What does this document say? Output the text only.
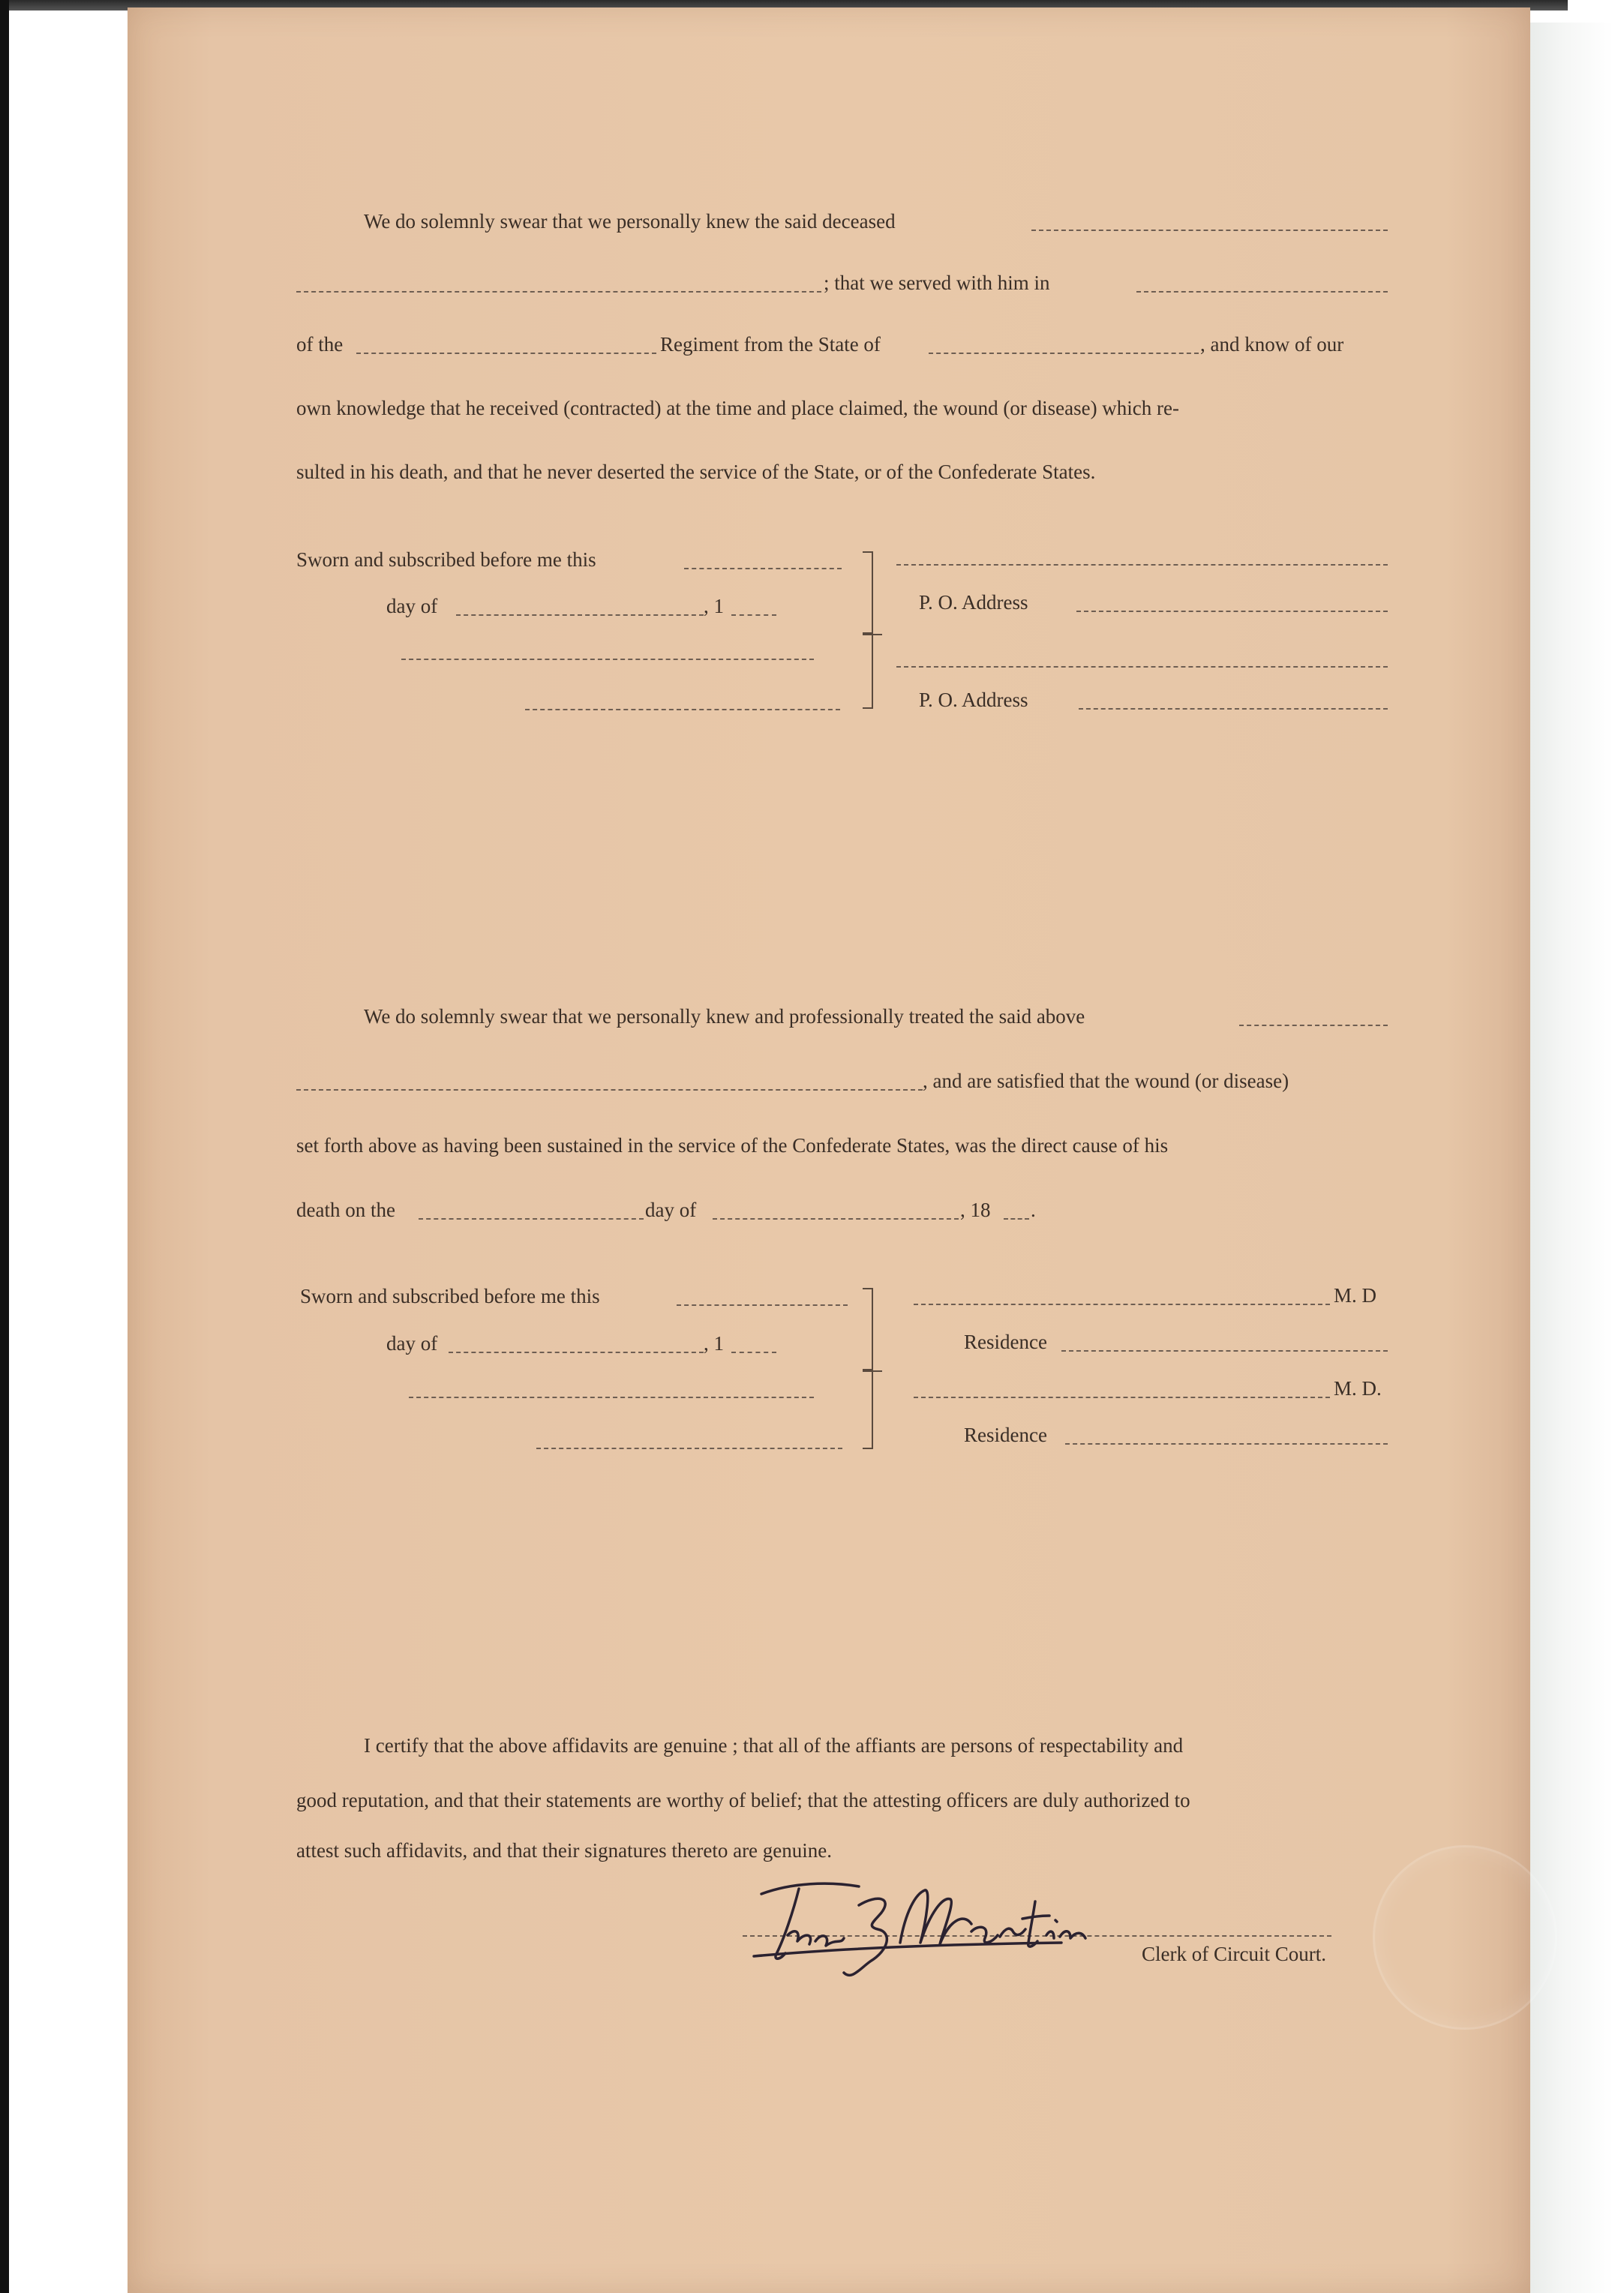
We do solemnly swear that we personally knew the said deceased
; that we served with him in
of the	Regiment from the State of	, and know of our
own knowledge that he received (contracted) at the time and place claimed, the wound (or disease) which re-
sulted in his death, and that he never deserted the service of the State, or of the Confederate States.
Sworn and subscribed before me this
day of	, 1	P. O. Address
P. O. Address
We do solemnly swear that we personally knew and professionally treated the said above
, and are satisfied that the wound (or disease)
set forth above as having been sustained in the service of the Confederate States, was the direct cause of his
death on the	day of	, 18 .
Sworn and subscribed before me this
day of	, 1
M. D
Residence
M. D.
Residence
I certify that the above affidavits are genuine ; that all of the affiants are persons of respectability and
good reputation, and that their statements are worthy of belief; that the attesting officers are duly authorized to
attest such affidavits, and that their signatures thereto are genuine.
Clerk of Circuit Court.
